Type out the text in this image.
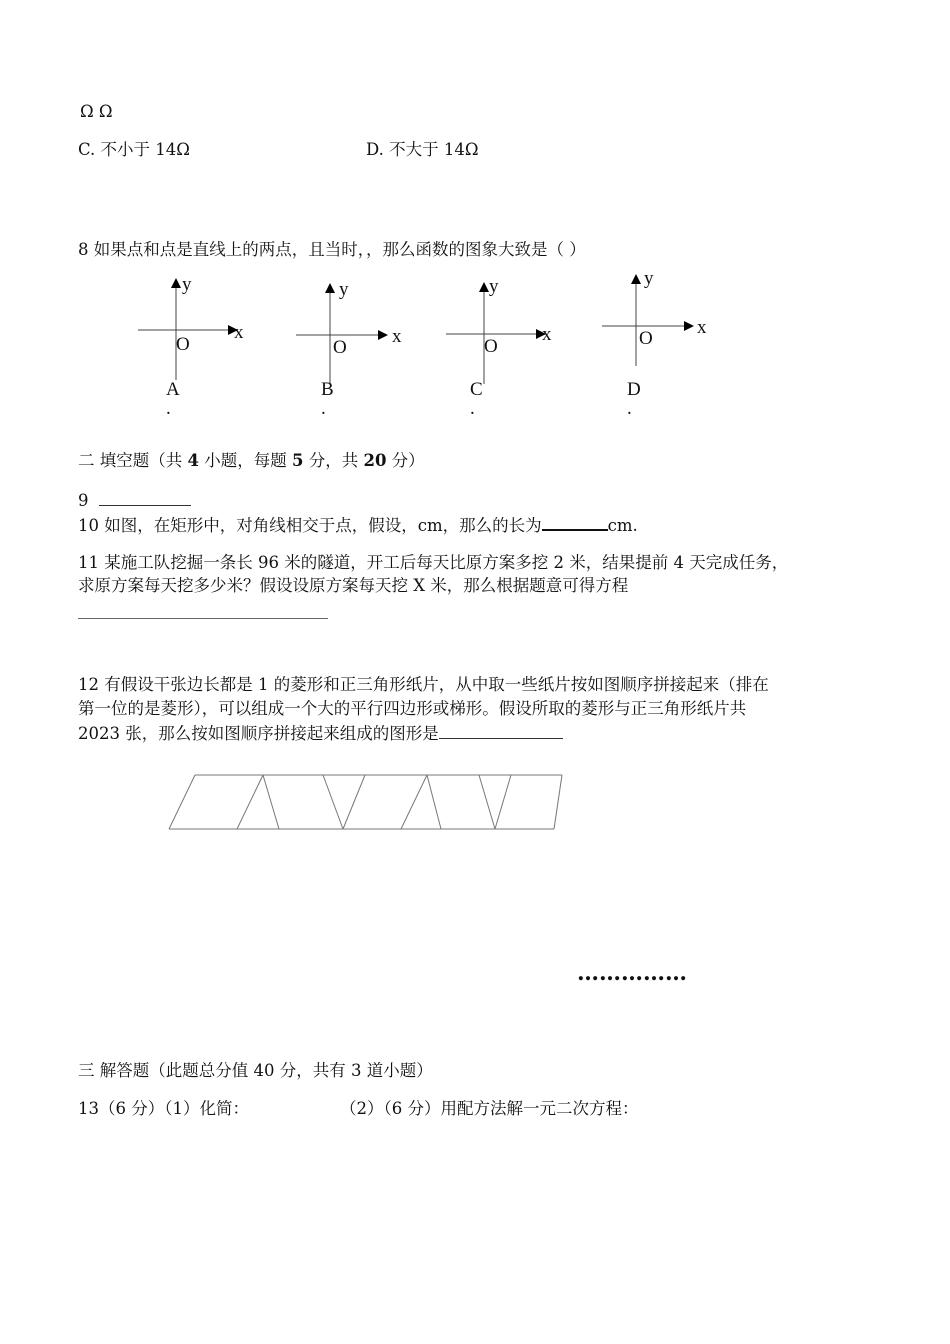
Ω Ω
C. 不小于 14Ω	D. 不大于 14Ω
8 如果点和点是直线上的两点，且当时，，那么函数的图象大致是（ ）
y
x
O
A
.
y
x
O
B
.
y
x
O
C
.
y
x
O
D
.
二 填空题（共 4 小题，每题 5 分，共 20 分）
9
10 如图，在矩形中，对角线相交于点，假设，cm，那么的长为	cm.
11 某施工队挖掘一条长 96 米的隧道，开工后每天比原方案多挖 2 米，结果提前 4 天完成任务，
求原方案每天挖多少米？假设设原方案每天挖 X 米，那么根据题意可得方程
12 有假设干张边长都是 1 的菱形和正三角形纸片，从中取一些纸片按如图顺序拼接起来（排在
第一位的是菱形），可以组成一个大的平行四边形或梯形。假设所取的菱形与正三角形纸片共
2023 张，那么按如图顺序拼接起来组成的图形是
……………
三 解答题（此题总分值 40 分，共有 3 道小题）
13（6 分）（1）化简：	（2）（6 分）用配方法解一元二次方程：
